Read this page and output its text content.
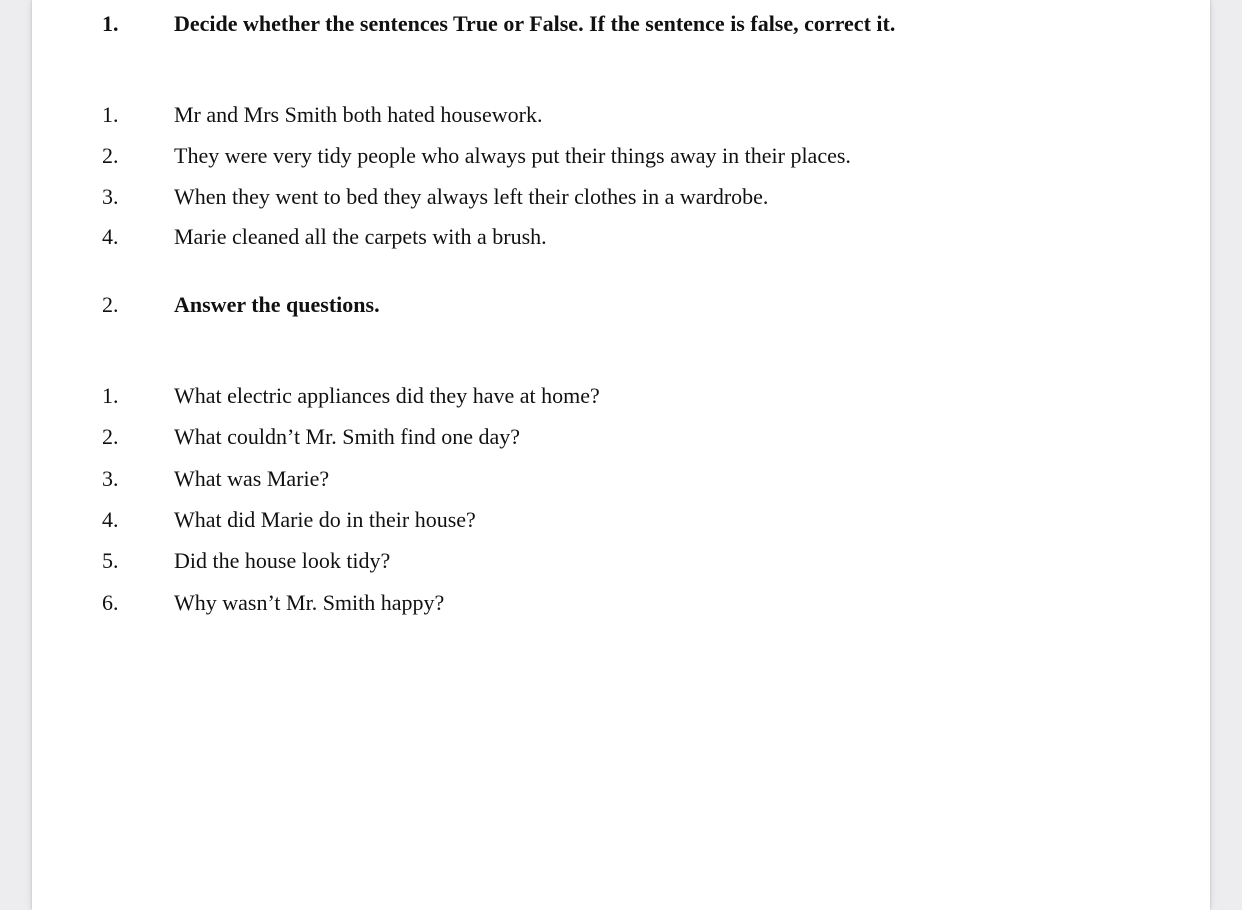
1.	Decide whether the sentences True or False. If the sentence is false, correct it.
1.	Mr and Mrs Smith both hated housework.
2.	They were very tidy people who always put their things away in their places.
3.	When they went to bed they always left their clothes in a wardrobe.
4.	Marie cleaned all the carpets with a brush.
2.	Answer the questions.
1.	What electric appliances did they have at home?
2.	What couldn’t Mr. Smith find one day?
3.	What was Marie?
4.	What did Marie do in their house?
5.	Did the house look tidy?
6.	Why wasn’t Mr. Smith happy?
